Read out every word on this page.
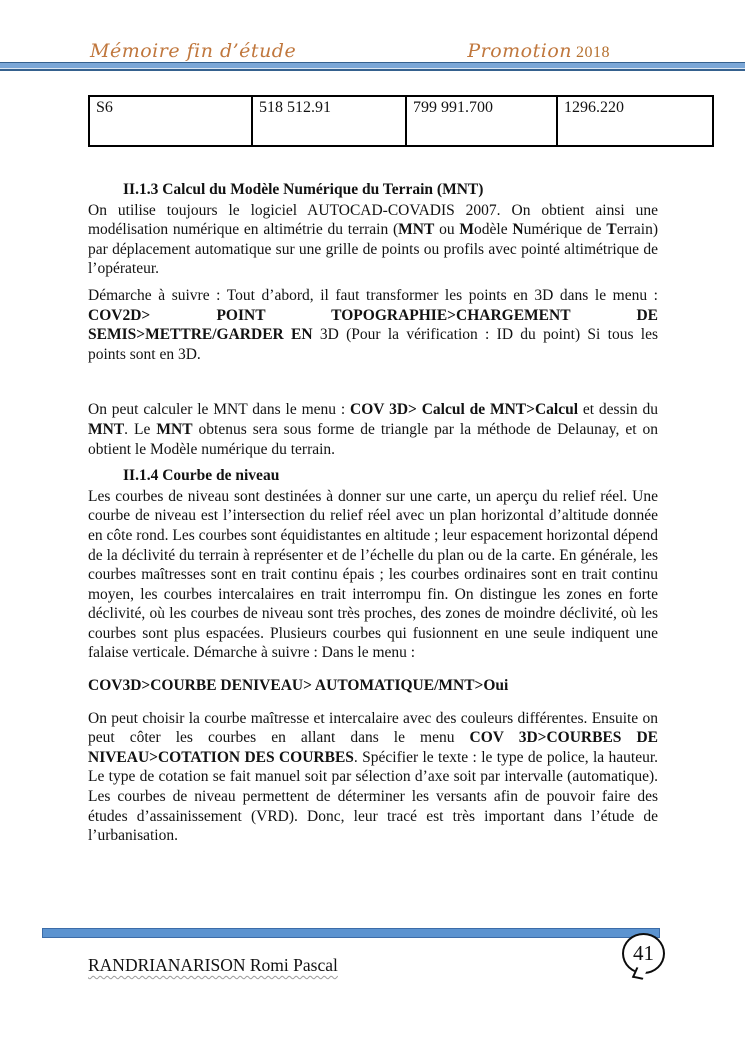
Mémoire fin d’étude	Promotion 2018
S6	518 512.91	799 991.700	1296.220
II.1.3 Calcul du Modèle Numérique du Terrain (MNT)

On utilise toujours le logiciel AUTOCAD-COVADIS 2007. On obtient ainsi une modélisation numérique en altimétrie du terrain (MNT ou Modèle Numérique de Terrain) par déplacement automatique sur une grille de points ou profils avec pointé altimétrique de l’opérateur.

Démarche à suivre : Tout d’abord, il faut transformer les points en 3D dans le menu : COV2D> POINT TOPOGRAPHIE>CHARGEMENT DE SEMIS>METTRE/GARDER EN 3D (Pour la vérification : ID du point) Si tous les points sont en 3D.

On peut calculer le MNT dans le menu : COV 3D> Calcul de MNT>Calcul et dessin du MNT. Le MNT obtenus sera sous forme de triangle par la méthode de Delaunay, et on obtient le Modèle numérique du terrain.

II.1.4 Courbe de niveau

Les courbes de niveau sont destinées à donner sur une carte, un aperçu du relief réel. Une courbe de niveau est l’intersection du relief réel avec un plan horizontal d’altitude donnée en côte rond. Les courbes sont équidistantes en altitude ; leur espacement horizontal dépend de la déclivité du terrain à représenter et de l’échelle du plan ou de la carte. En générale, les courbes maîtresses sont en trait continu épais ; les courbes ordinaires sont en trait continu moyen, les courbes intercalaires en trait interrompu fin. On distingue les zones en forte déclivité, où les courbes de niveau sont très proches, des zones de moindre déclivité, où les courbes sont plus espacées. Plusieurs courbes qui fusionnent en une seule indiquent une falaise verticale. Démarche à suivre : Dans le menu :

COV3D>COURBE DENIVEAU> AUTOMATIQUE/MNT>Oui

On peut choisir la courbe maîtresse et intercalaire avec des couleurs différentes. Ensuite on peut côter les courbes en allant dans le menu COV 3D>COURBES DE NIVEAU>COTATION DES COURBES. Spécifier le texte : le type de police, la hauteur. Le type de cotation se fait manuel soit par sélection d’axe soit par intervalle (automatique). Les courbes de niveau permettent de déterminer les versants afin de pouvoir faire des études d’assainissement (VRD). Donc, leur tracé est très important dans l’étude de l’urbanisation.

41
RANDRIANARISON Romi Pascal
